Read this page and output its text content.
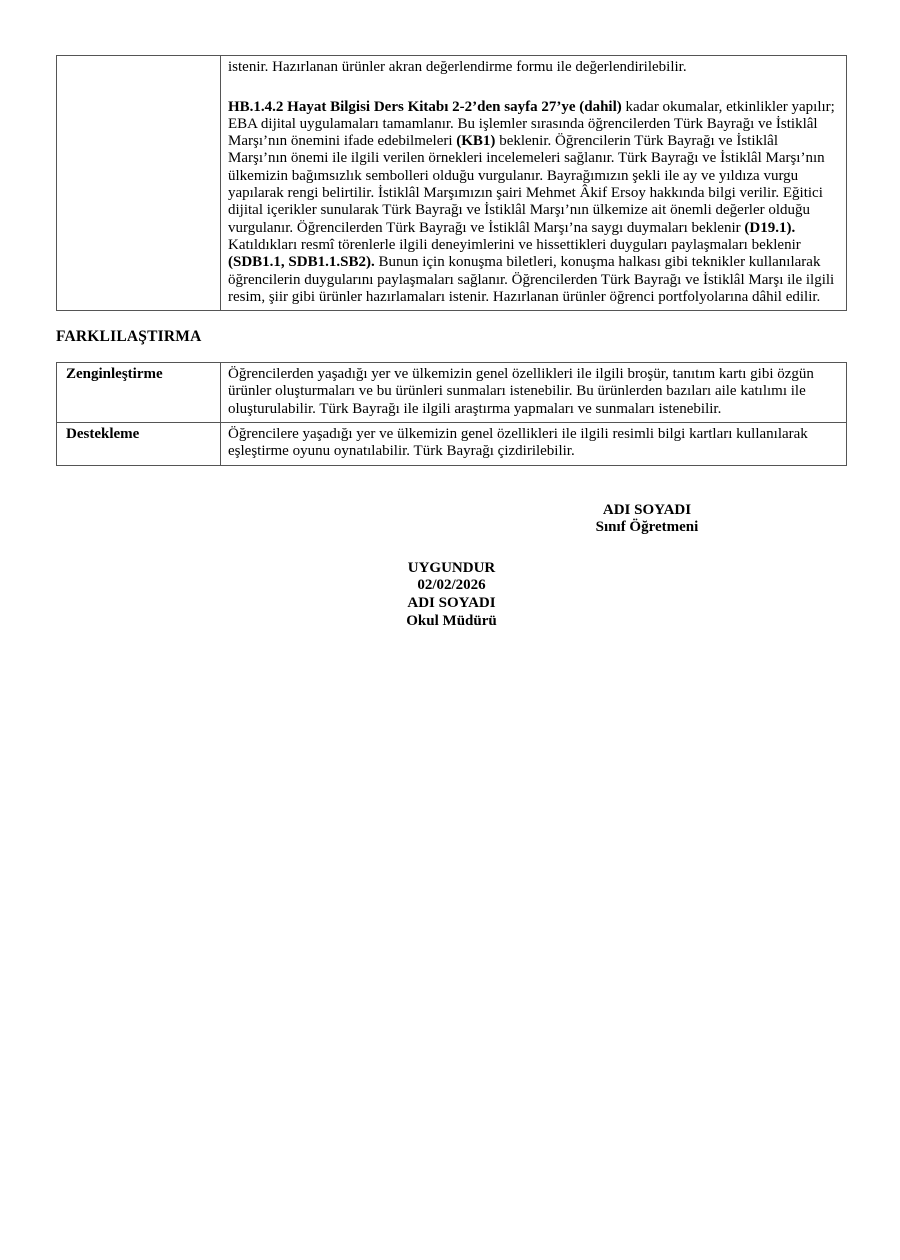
istenir. Hazırlanan ürünler akran değerlendirme formu ile değerlendirilebilir.
HB.1.4.2 Hayat Bilgisi Ders Kitabı 2-2’den sayfa 27’ye (dahil) kadar okumalar, etkinlikler yapılır; EBA dijital uygulamaları tamamlanır. Bu işlemler sırasında öğrencilerden Türk Bayrağı ve İstiklâl Marşı’nın önemini ifade edebilmeleri (KB1) beklenir. Öğrencilerin Türk Bayrağı ve İstiklâl Marşı’nın önemi ile ilgili verilen örnekleri incelemeleri sağlanır. Türk Bayrağı ve İstiklâl Marşı’nın ülkemizin bağımsızlık sembolleri olduğu vurgulanır. Bayrağımızın şekli ile ay ve yıldıza vurgu yapılarak rengi belirtilir. İstiklâl Marşımızın şairi Mehmet Âkif Ersoy hakkında bilgi verilir. Eğitici dijital içerikler sunularak Türk Bayrağı ve İstiklâl Marşı’nın ülkemize ait önemli değerler olduğu vurgulanır. Öğrencilerden Türk Bayrağı ve İstiklâl Marşı’na saygı duymaları beklenir (D19.1). Katıldıkları resmî törenlerle ilgili deneyimlerini ve hissettikleri duyguları paylaşmaları beklenir (SDB1.1, SDB1.1.SB2). Bunun için konuşma biletleri, konuşma halkası gibi teknikler kullanılarak öğrencilerin duygularını paylaşmaları sağlanır. Öğrencilerden Türk Bayrağı ve İstiklâl Marşı ile ilgili resim, şiir gibi ürünler hazırlamaları istenir. Hazırlanan ürünler öğrenci portfolyolarına dâhil edilir.
FARKLILAŞTIRMA
Zenginleştirme	Öğrencilerden yaşadığı yer ve ülkemizin genel özellikleri ile ilgili broşür, tanıtım kartı gibi özgün ürünler oluşturmaları ve bu ürünleri sunmaları istenebilir. Bu ürünlerden bazıları aile katılımı ile oluşturulabilir. Türk Bayrağı ile ilgili araştırma yapmaları ve sunmaları istenebilir.

Destekleme	Öğrencilere yaşadığı yer ve ülkemizin genel özellikleri ile ilgili resimli bilgi kartları kullanılarak eşleştirme oyunu oynatılabilir. Türk Bayrağı çizdirilebilir.
ADI SOYADI
Sınıf Öğretmeni
UYGUNDUR
02/02/2026
ADI SOYADI
Okul Müdürü
